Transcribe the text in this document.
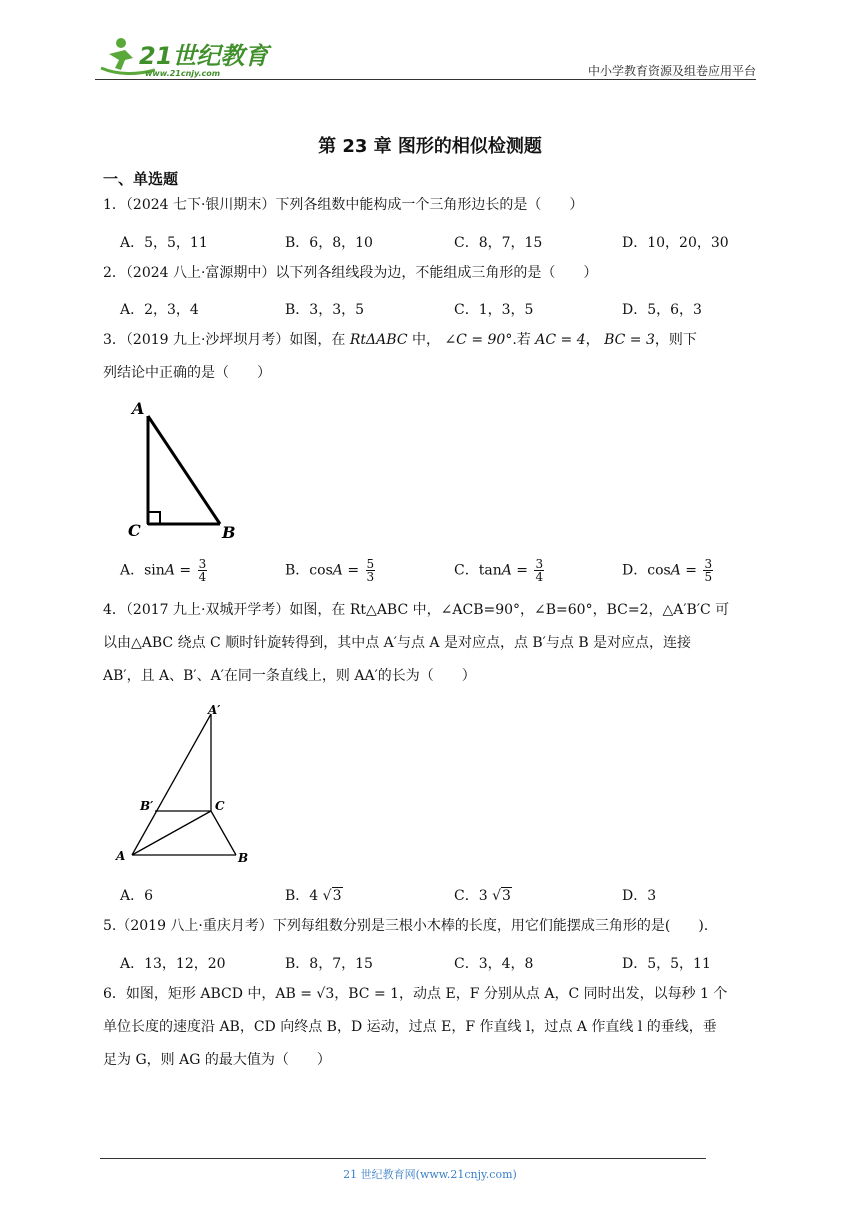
21世纪教育
www.21cnjy.com	中小学教育资源及组卷应用平台
第 23 章 图形的相似检测题
一、单选题
1．（2024 七下·银川期末）下列各组数中能构成一个三角形边长的是（　　）
A．5，5，11	B．6，8，10	C．8，7，15	D．10，20，30
2．（2024 八上·富源期中）以下列各组线段为边，不能组成三角形的是（　　）
A．2，3，4	B．3，3，5	C．1，3，5	D．5，6，3
3．（2019 九上·沙坪坝月考）如图，在 RtΔABC 中， ∠C = 90°.若 AC = 4， BC = 3，则下
列结论中正确的是（　　）
A
C	B
A．$\sin A = \frac{3}{4}$	B．$\cos A = \frac{5}{3}$	C．$\tan A = \frac{3}{4}$	D．$\cos A = \frac{3}{5}$
4．（2017 九上·双城开学考）如图，在 Rt△ABC 中，∠ACB=90°，∠B=60°，BC=2，△A′B′C 可
以由△ABC 绕点 C 顺时针旋转得到，其中点 A′与点 A 是对应点，点 B′与点 B 是对应点，连接
AB′，且 A、B′、A′在同一条直线上，则 AA′的长为（　　）
A′
B′	C
A	B
A．6	B．4 √3	C．3 √3	D．3
5.（2019 八上·重庆月考）下列每组数分别是三根小木棒的长度，用它们能摆成三角形的是(　　).
A．13，12，20	B．8，7，15	C．3，4，8	D．5，5，11
6．如图，矩形 ABCD 中，AB = √3，BC = 1，动点 E，F 分别从点 A，C 同时出发，以每秒 1 个
单位长度的速度沿 AB，CD 向终点 B，D 运动，过点 E，F 作直线 l，过点 A 作直线 l 的垂线，垂
足为 G，则 AG 的最大值为（　　）
21 世纪教育网(www.21cnjy.com)
